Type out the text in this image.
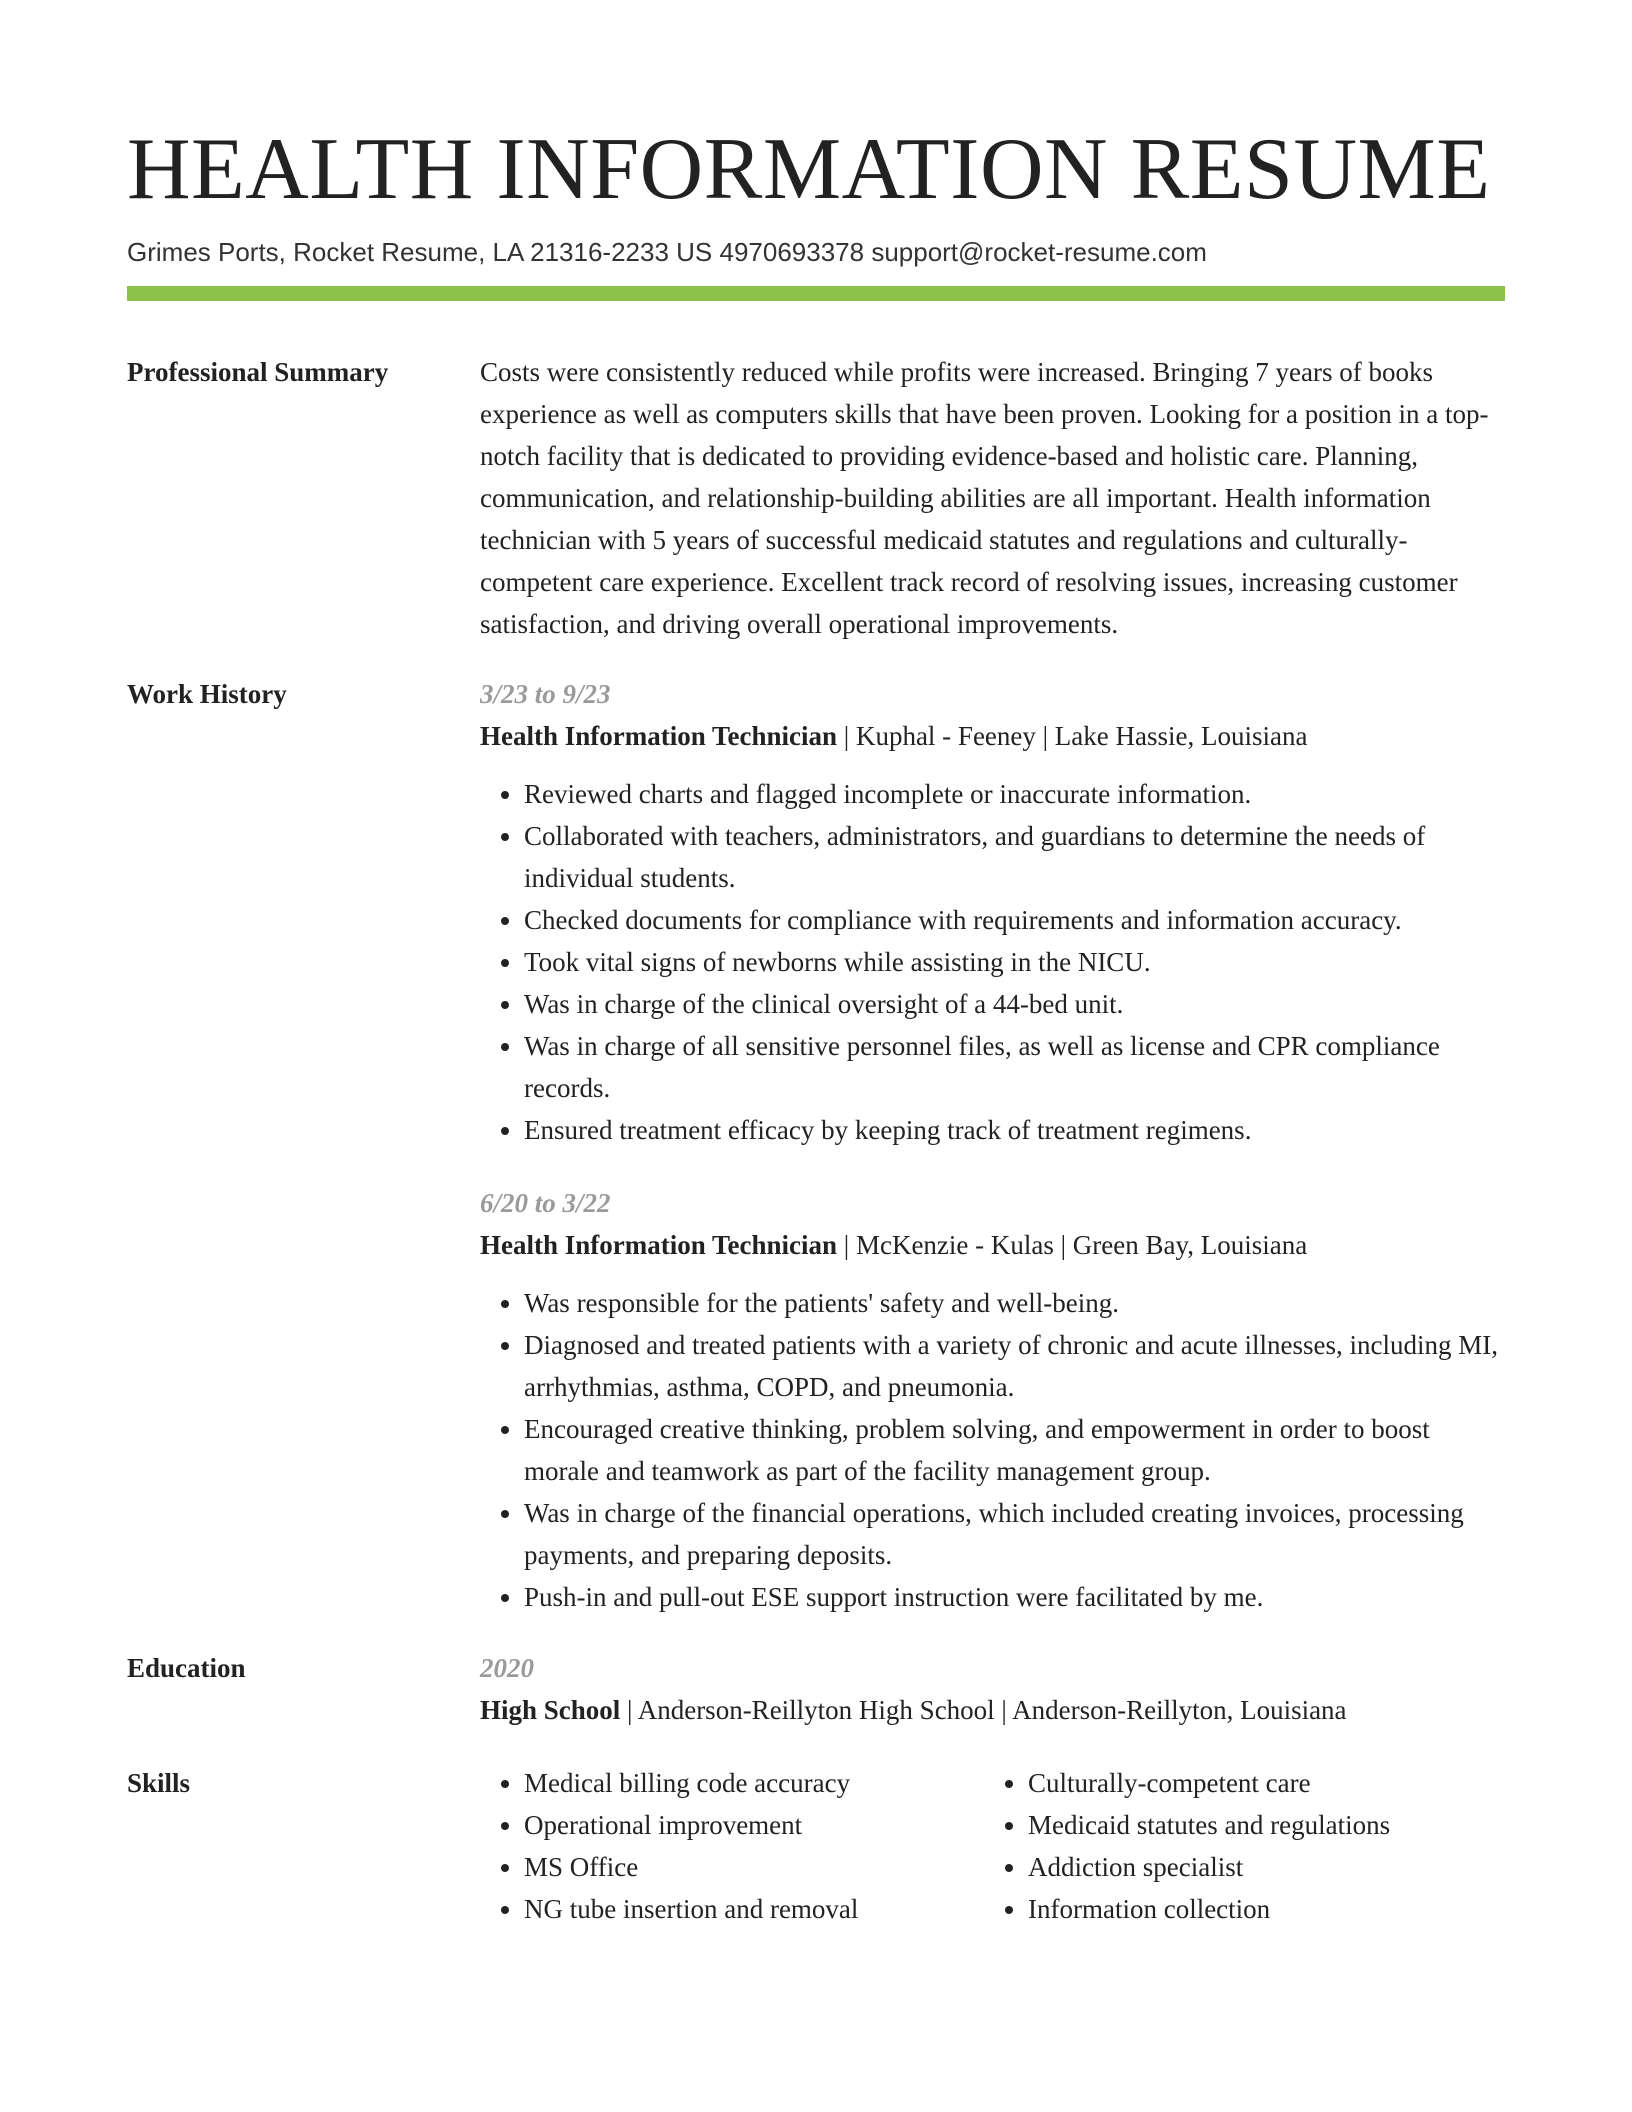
HEALTH INFORMATION RESUME
Grimes Ports, Rocket Resume, LA 21316-2233 US 4970693378 support@rocket-resume.com
Professional Summary	Costs were consistently reduced while profits were increased. Bringing 7 years of books experience as well as computers skills that have been proven. Looking for a position in a top-notch facility that is dedicated to providing evidence-based and holistic care. Planning, communication, and relationship-building abilities are all important. Health information technician with 5 years of successful medicaid statutes and regulations and culturally-competent care experience. Excellent track record of resolving issues, increasing customer satisfaction, and driving overall operational improvements.

Work History	3/23 to 9/23
Health Information Technician | Kuphal - Feeney | Lake Hassie, Louisiana
• Reviewed charts and flagged incomplete or inaccurate information.
• Collaborated with teachers, administrators, and guardians to determine the needs of individual students.
• Checked documents for compliance with requirements and information accuracy.
• Took vital signs of newborns while assisting in the NICU.
• Was in charge of the clinical oversight of a 44-bed unit.
• Was in charge of all sensitive personnel files, as well as license and CPR compliance records.
• Ensured treatment efficacy by keeping track of treatment regimens.
6/20 to 3/22
Health Information Technician | McKenzie - Kulas | Green Bay, Louisiana
• Was responsible for the patients' safety and well-being.
• Diagnosed and treated patients with a variety of chronic and acute illnesses, including MI, arrhythmias, asthma, COPD, and pneumonia.
• Encouraged creative thinking, problem solving, and empowerment in order to boost morale and teamwork as part of the facility management group.
• Was in charge of the financial operations, which included creating invoices, processing payments, and preparing deposits.
• Push-in and pull-out ESE support instruction were facilitated by me.
Education	2020
High School | Anderson-Reillyton High School | Anderson-Reillyton, Louisiana
Skills
•	Medical billing code accuracy
• Operational improvement
• MS Office
• NG tube insertion and removal
• Culturally-competent care
• Medicaid statutes and regulations
• Addiction specialist
• Information collection
